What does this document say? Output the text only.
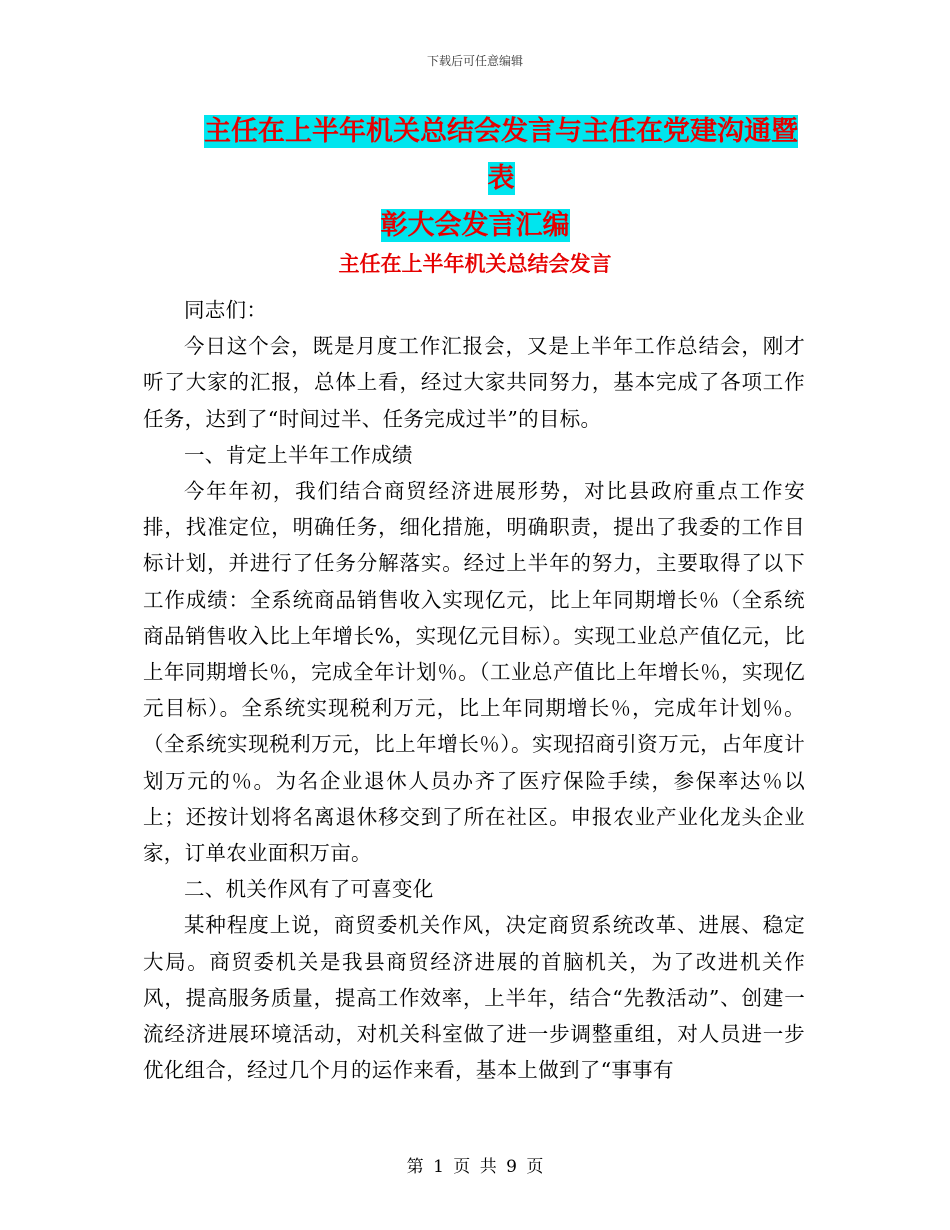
下载后可任意编辑
主任在上半年机关总结会发言与主任在党建沟通暨表
彰大会发言汇编
主任在上半年机关总结会发言

同志们：

今日这个会，既是月度工作汇报会，又是上半年工作总结会，刚才听了大家的汇报，总体上看，经过大家共同努力，基本完成了各项工作任务，达到了“时间过半、任务完成过半”的目标。

一、肯定上半年工作成绩

今年年初，我们结合商贸经济进展形势，对比县政府重点工作安排，找准定位，明确任务，细化措施，明确职责，提出了我委的工作目标计划，并进行了任务分解落实。经过上半年的努力，主要取得了以下工作成绩：全系统商品销售收入实现亿元，比上年同期增长％（全系统商品销售收入比上年增长%，实现亿元目标）。实现工业总产值亿元，比上年同期增长％，完成全年计划％。（工业总产值比上年增长％，实现亿元目标）。全系统实现税利万元，比上年同期增长％，完成年计划％。（全系统实现税利万元，比上年增长％）。实现招商引资万元，占年度计划万元的％。为名企业退休人员办齐了医疗保险手续，参保率达％以上；还按计划将名离退休移交到了所在社区。申报农业产业化龙头企业家，订单农业面积万亩。

二、机关作风有了可喜变化

某种程度上说，商贸委机关作风，决定商贸系统改革、进展、稳定大局。商贸委机关是我县商贸经济进展的首脑机关，为了改进机关作风，提高服务质量，提高工作效率，上半年，结合“先教活动”、创建一流经济进展环境活动，对机关科室做了进一步调整重组，对人员进一步优化组合，经过几个月的运作来看，基本上做到了“事事有

第 1 页 共 9 页
